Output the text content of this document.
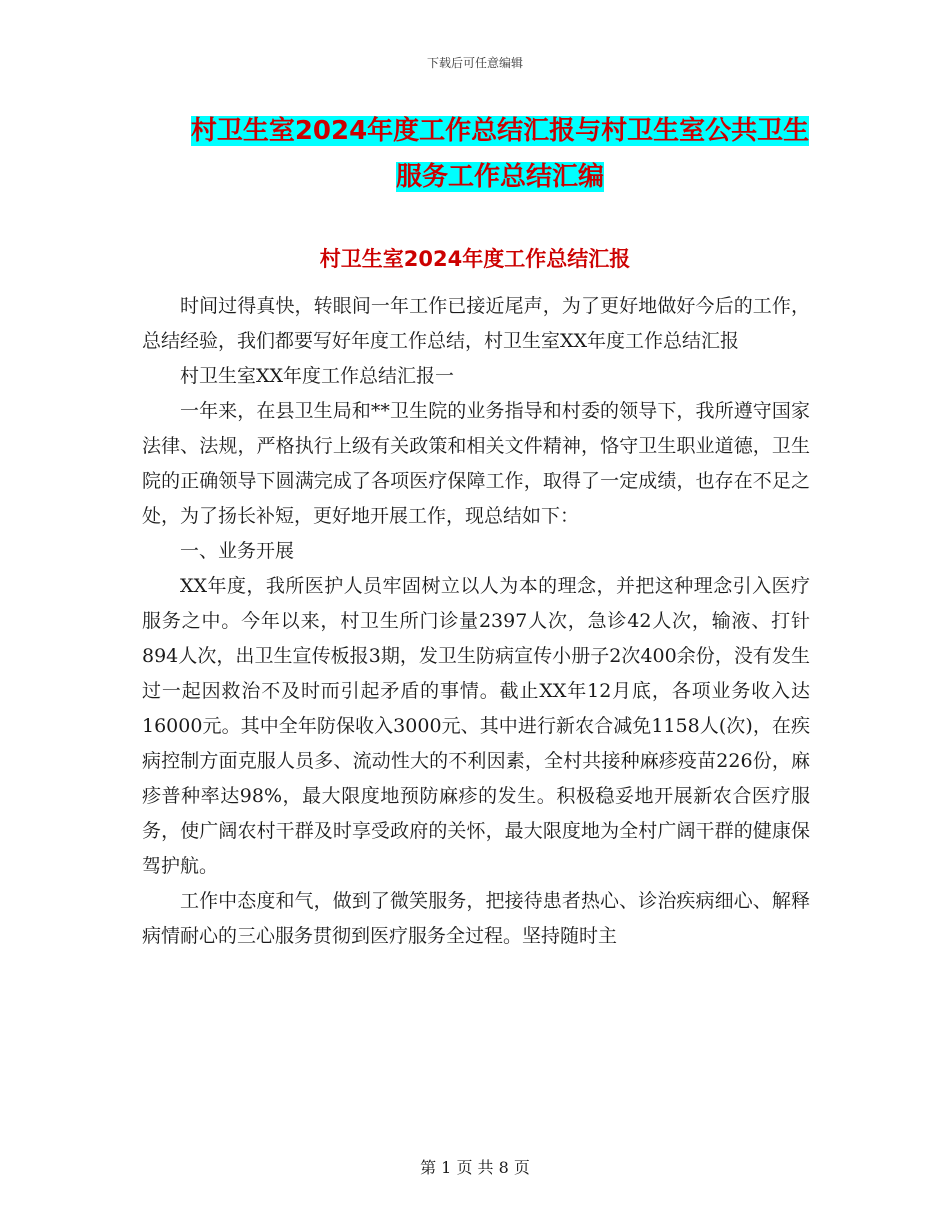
下载后可任意编辑
村卫生室2024年度工作总结汇报与村卫生室公共卫生
服务工作总结汇编
村卫生室2024年度工作总结汇报

时间过得真快，转眼间一年工作已接近尾声，为了更好地做好今后的工作，总结经验，我们都要写好年度工作总结，村卫生室XX年度工作总结汇报

村卫生室XX年度工作总结汇报一

一年来，在县卫生局和**卫生院的业务指导和村委的领导下，我所遵守国家法律、法规，严格执行上级有关政策和相关文件精神，恪守卫生职业道德，卫生院的正确领导下圆满完成了各项医疗保障工作，取得了一定成绩，也存在不足之处，为了扬长补短，更好地开展工作，现总结如下：

一、业务开展

XX年度，我所医护人员牢固树立以人为本的理念，并把这种理念引入医疗服务之中。今年以来，村卫生所门诊量2397人次，急诊42人次，输液、打针894人次，出卫生宣传板报3期，发卫生防病宣传小册子2次400余份，没有发生过一起因救治不及时而引起矛盾的事情。截止XX年12月底，各项业务收入达16000元。其中全年防保收入3000元、其中进行新农合减免1158人(次)，在疾病控制方面克服人员多、流动性大的不利因素，全村共接种麻疹疫苗226份，麻疹普种率达98%，最大限度地预防麻疹的发生。积极稳妥地开展新农合医疗服务，使广阔农村干群及时享受政府的关怀，最大限度地为全村广阔干群的健康保驾护航。

工作中态度和气，做到了微笑服务，把接待患者热心、诊治疾病细心、解释病情耐心的三心服务贯彻到医疗服务全过程。坚持随时主

第 1 页 共 8 页
